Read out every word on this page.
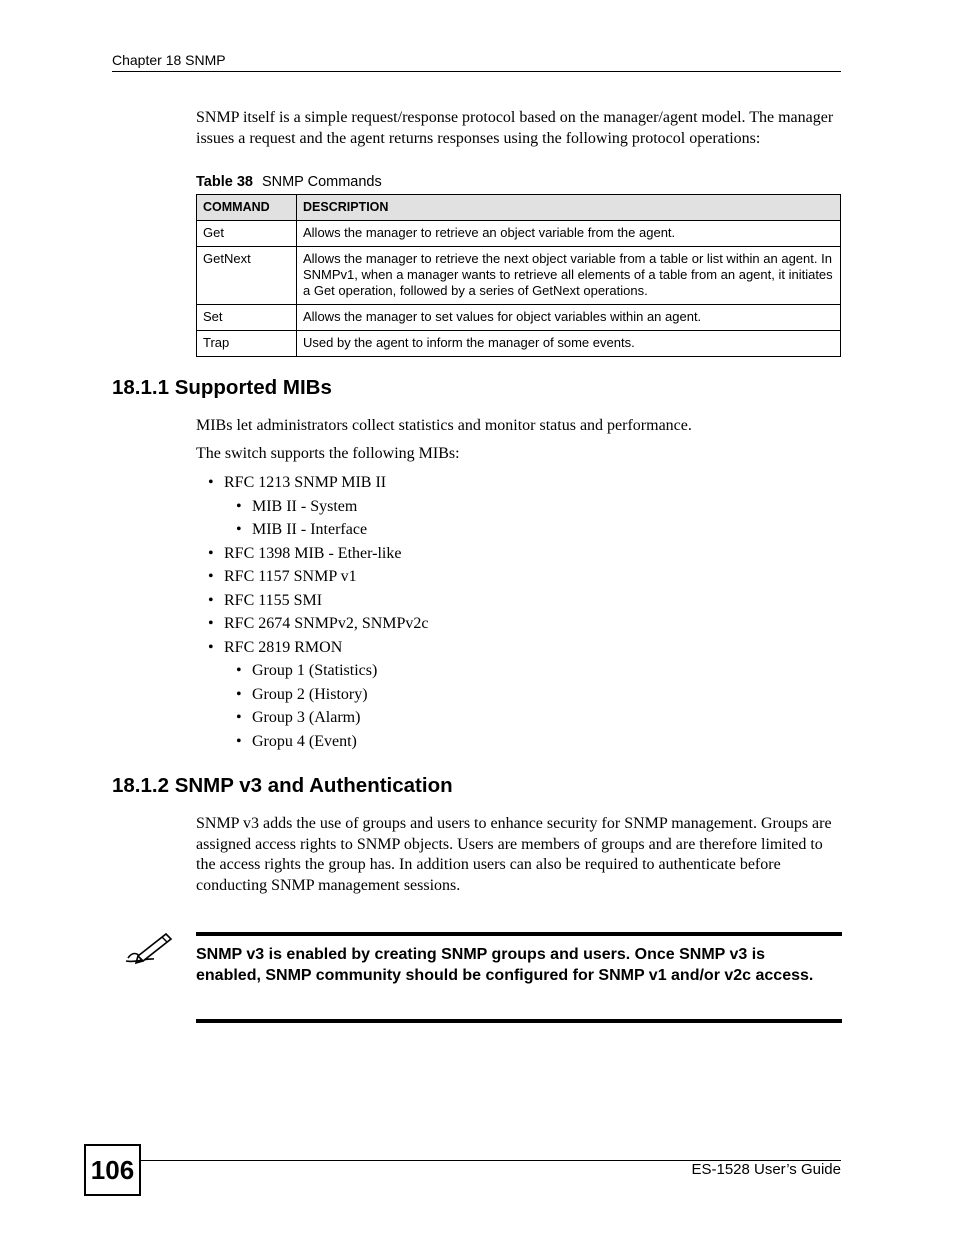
Chapter 18 SNMP
SNMP itself is a simple request/response protocol based on the manager/agent model. The manager issues a request and the agent returns responses using the following protocol operations:
Table 38 SNMP Commands
COMMAND	DESCRIPTION
Get	Allows the manager to retrieve an object variable from the agent.
GetNext	Allows the manager to retrieve the next object variable from a table or list within an agent. In SNMPv1, when a manager wants to retrieve all elements of a table from an agent, it initiates a Get operation, followed by a series of GetNext operations.
Set	Allows the manager to set values for object variables within an agent.
Trap	Used by the agent to inform the manager of some events.
18.1.1 Supported MIBs
MIBs let administrators collect statistics and monitor status and performance.
The switch supports the following MIBs:
• RFC 1213 SNMP MIB II
• MIB II - System
• MIB II - Interface
• RFC 1398 MIB - Ether-like
• RFC 1157 SNMP v1
• RFC 1155 SMI
• RFC 2674 SNMPv2, SNMPv2c
• RFC 2819 RMON
• Group 1 (Statistics)
• Group 2 (History)
• Group 3 (Alarm)
• Gropu 4 (Event)
18.1.2 SNMP v3 and Authentication
SNMP v3 adds the use of groups and users to enhance security for SNMP management. Groups are assigned access rights to SNMP objects. Users are members of groups and are therefore limited to the access rights the group has. In addition users can also be required to authenticate before conducting SNMP management sessions.
SNMP v3 is enabled by creating SNMP groups and users. Once SNMP v3 is enabled, SNMP community should be configured for SNMP v1 and/or v2c access.
106	ES-1528 User’s Guide
